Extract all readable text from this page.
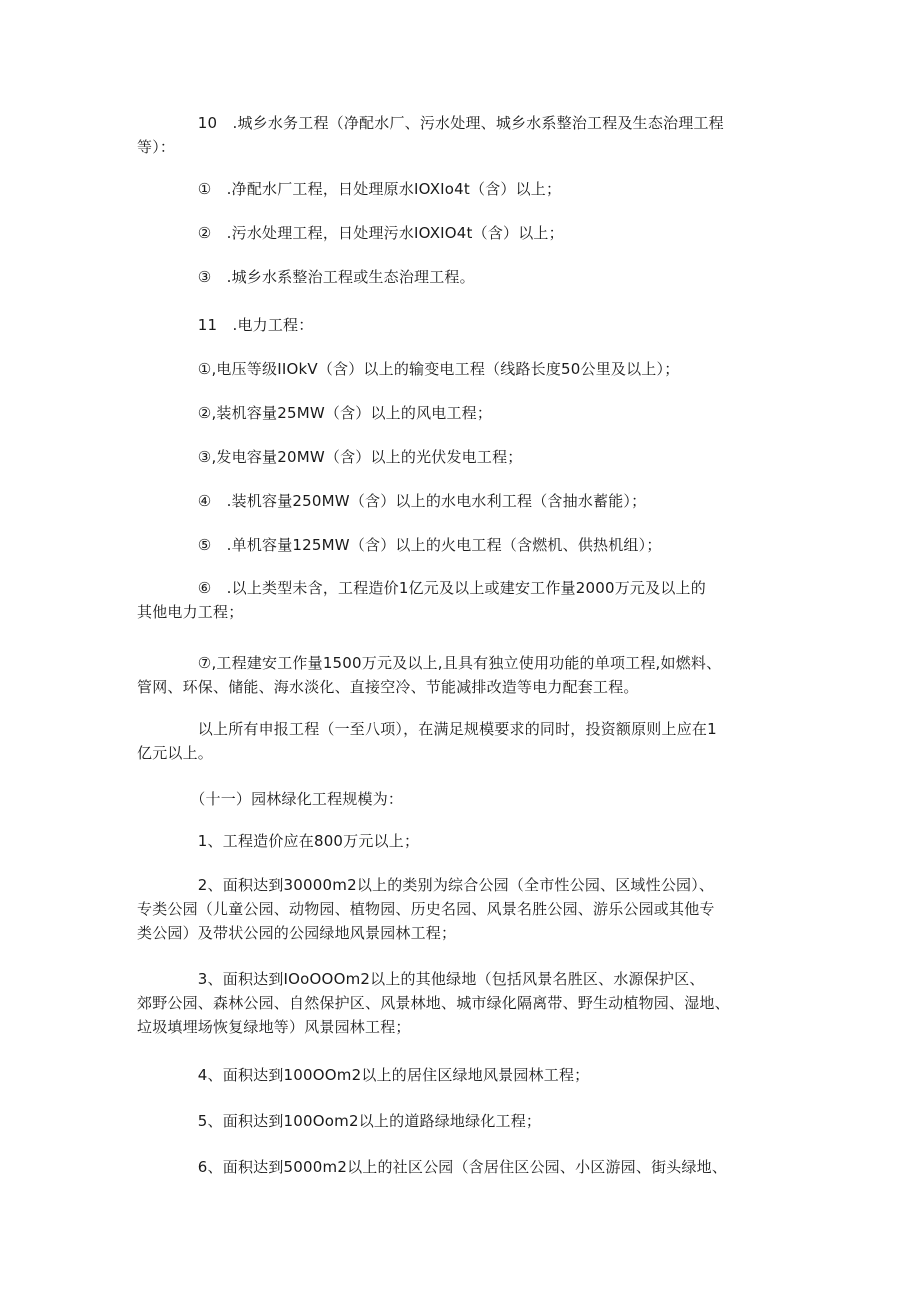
　　　　10　.城乡水务工程（净配水厂、污水处理、城乡水系整治工程及生态治理工程
等）：
　　　　①　.净配水厂工程，日处理原水IOXIo4t（含）以上；
　　　　②　.污水处理工程，日处理污水IOXIO4t（含）以上；
　　　　③　.城乡水系整治工程或生态治理工程。
　　　　11　.电力工程：
　　　　①,电压等级IIOkV（含）以上的输变电工程（线路长度50公里及以上）；
　　　　②,装机容量25MW（含）以上的风电工程；
　　　　③,发电容量20MW（含）以上的光伏发电工程；
　　　　④　.装机容量250MW（含）以上的水电水利工程（含抽水蓄能）；
　　　　⑤　.单机容量125MW（含）以上的火电工程（含燃机、供热机组）；
　　　　⑥　.以上类型未含，工程造价1亿元及以上或建安工作量2000万元及以上的
其他电力工程；
　　　　⑦,工程建安工作量1500万元及以上,且具有独立使用功能的单项工程,如燃料、
管网、环保、储能、海水淡化、直接空冷、节能减排改造等电力配套工程。
　　　　以上所有申报工程（一至八项），在满足规模要求的同时，投资额原则上应在1
亿元以上。
　　　　（十一）园林绿化工程规模为：
　　　　1、工程造价应在800万元以上；
　　　　2、面积达到30000m2以上的类别为综合公园（全市性公园、区域性公园）、
专类公园（儿童公园、动物园、植物园、历史名园、风景名胜公园、游乐公园或其他专
类公园）及带状公园的公园绿地风景园林工程；
　　　　3、面积达到IOoOOOm2以上的其他绿地（包括风景名胜区、水源保护区、
郊野公园、森林公园、自然保护区、风景林地、城市绿化隔离带、野生动植物园、湿地、
垃圾填埋场恢复绿地等）风景园林工程；
　　　　4、面积达到100OOm2以上的居住区绿地风景园林工程；
　　　　5、面积达到100Oom2以上的道路绿地绿化工程；
　　　　6、面积达到5000m2以上的社区公园（含居住区公园、小区游园、街头绿地、
